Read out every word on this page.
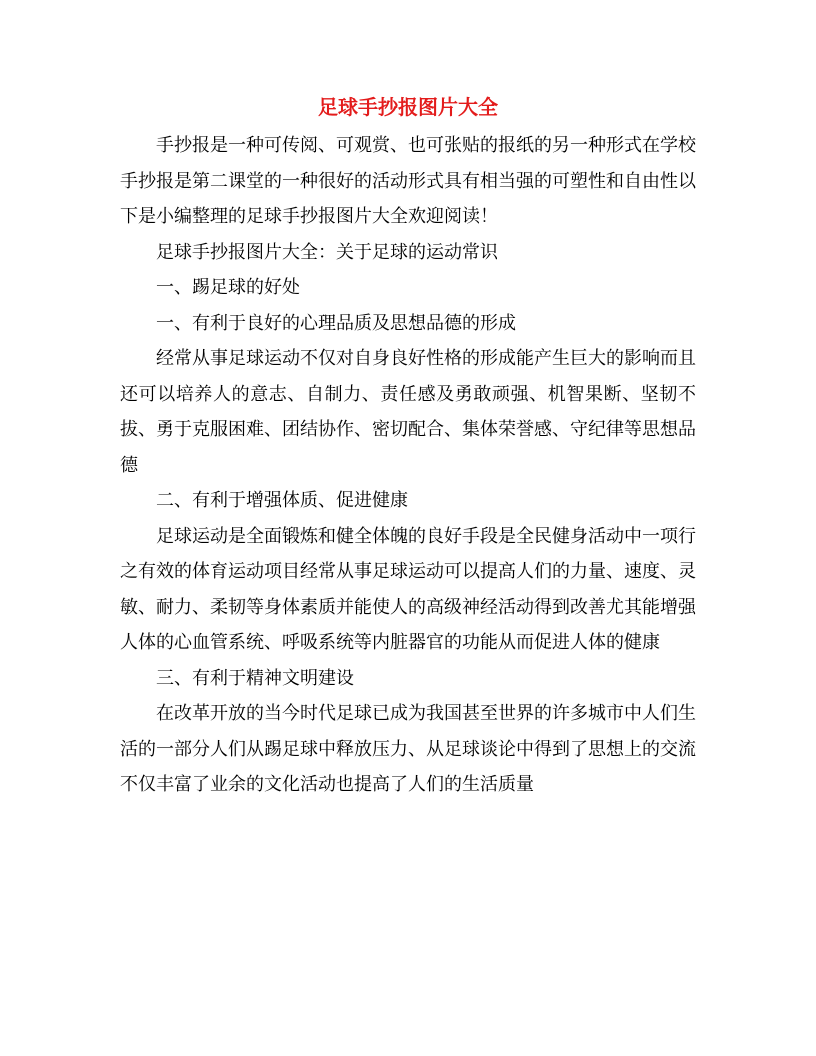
足球手抄报图片大全

手抄报是一种可传阅、可观赏、也可张贴的报纸的另一种形式在学校手抄报是第二课堂的一种很好的活动形式具有相当强的可塑性和自由性以下是小编整理的足球手抄报图片大全欢迎阅读！

足球手抄报图片大全：关于足球的运动常识

一、踢足球的好处

一、有利于良好的心理品质及思想品德的形成

经常从事足球运动不仅对自身良好性格的形成能产生巨大的影响而且还可以培养人的意志、自制力、责任感及勇敢顽强、机智果断、坚韧不拔、勇于克服困难、团结协作、密切配合、集体荣誉感、守纪律等思想品德

二、有利于增强体质、促进健康

足球运动是全面锻炼和健全体魄的良好手段是全民健身活动中一项行之有效的体育运动项目经常从事足球运动可以提高人们的力量、速度、灵敏、耐力、柔韧等身体素质并能使人的高级神经活动得到改善尤其能增强人体的心血管系统、呼吸系统等内脏器官的功能从而促进人体的健康

三、有利于精神文明建设

在改革开放的当今时代足球已成为我国甚至世界的许多城市中人们生活的一部分人们从踢足球中释放压力、从足球谈论中得到了思想上的交流不仅丰富了业余的文化活动也提高了人们的生活质量
